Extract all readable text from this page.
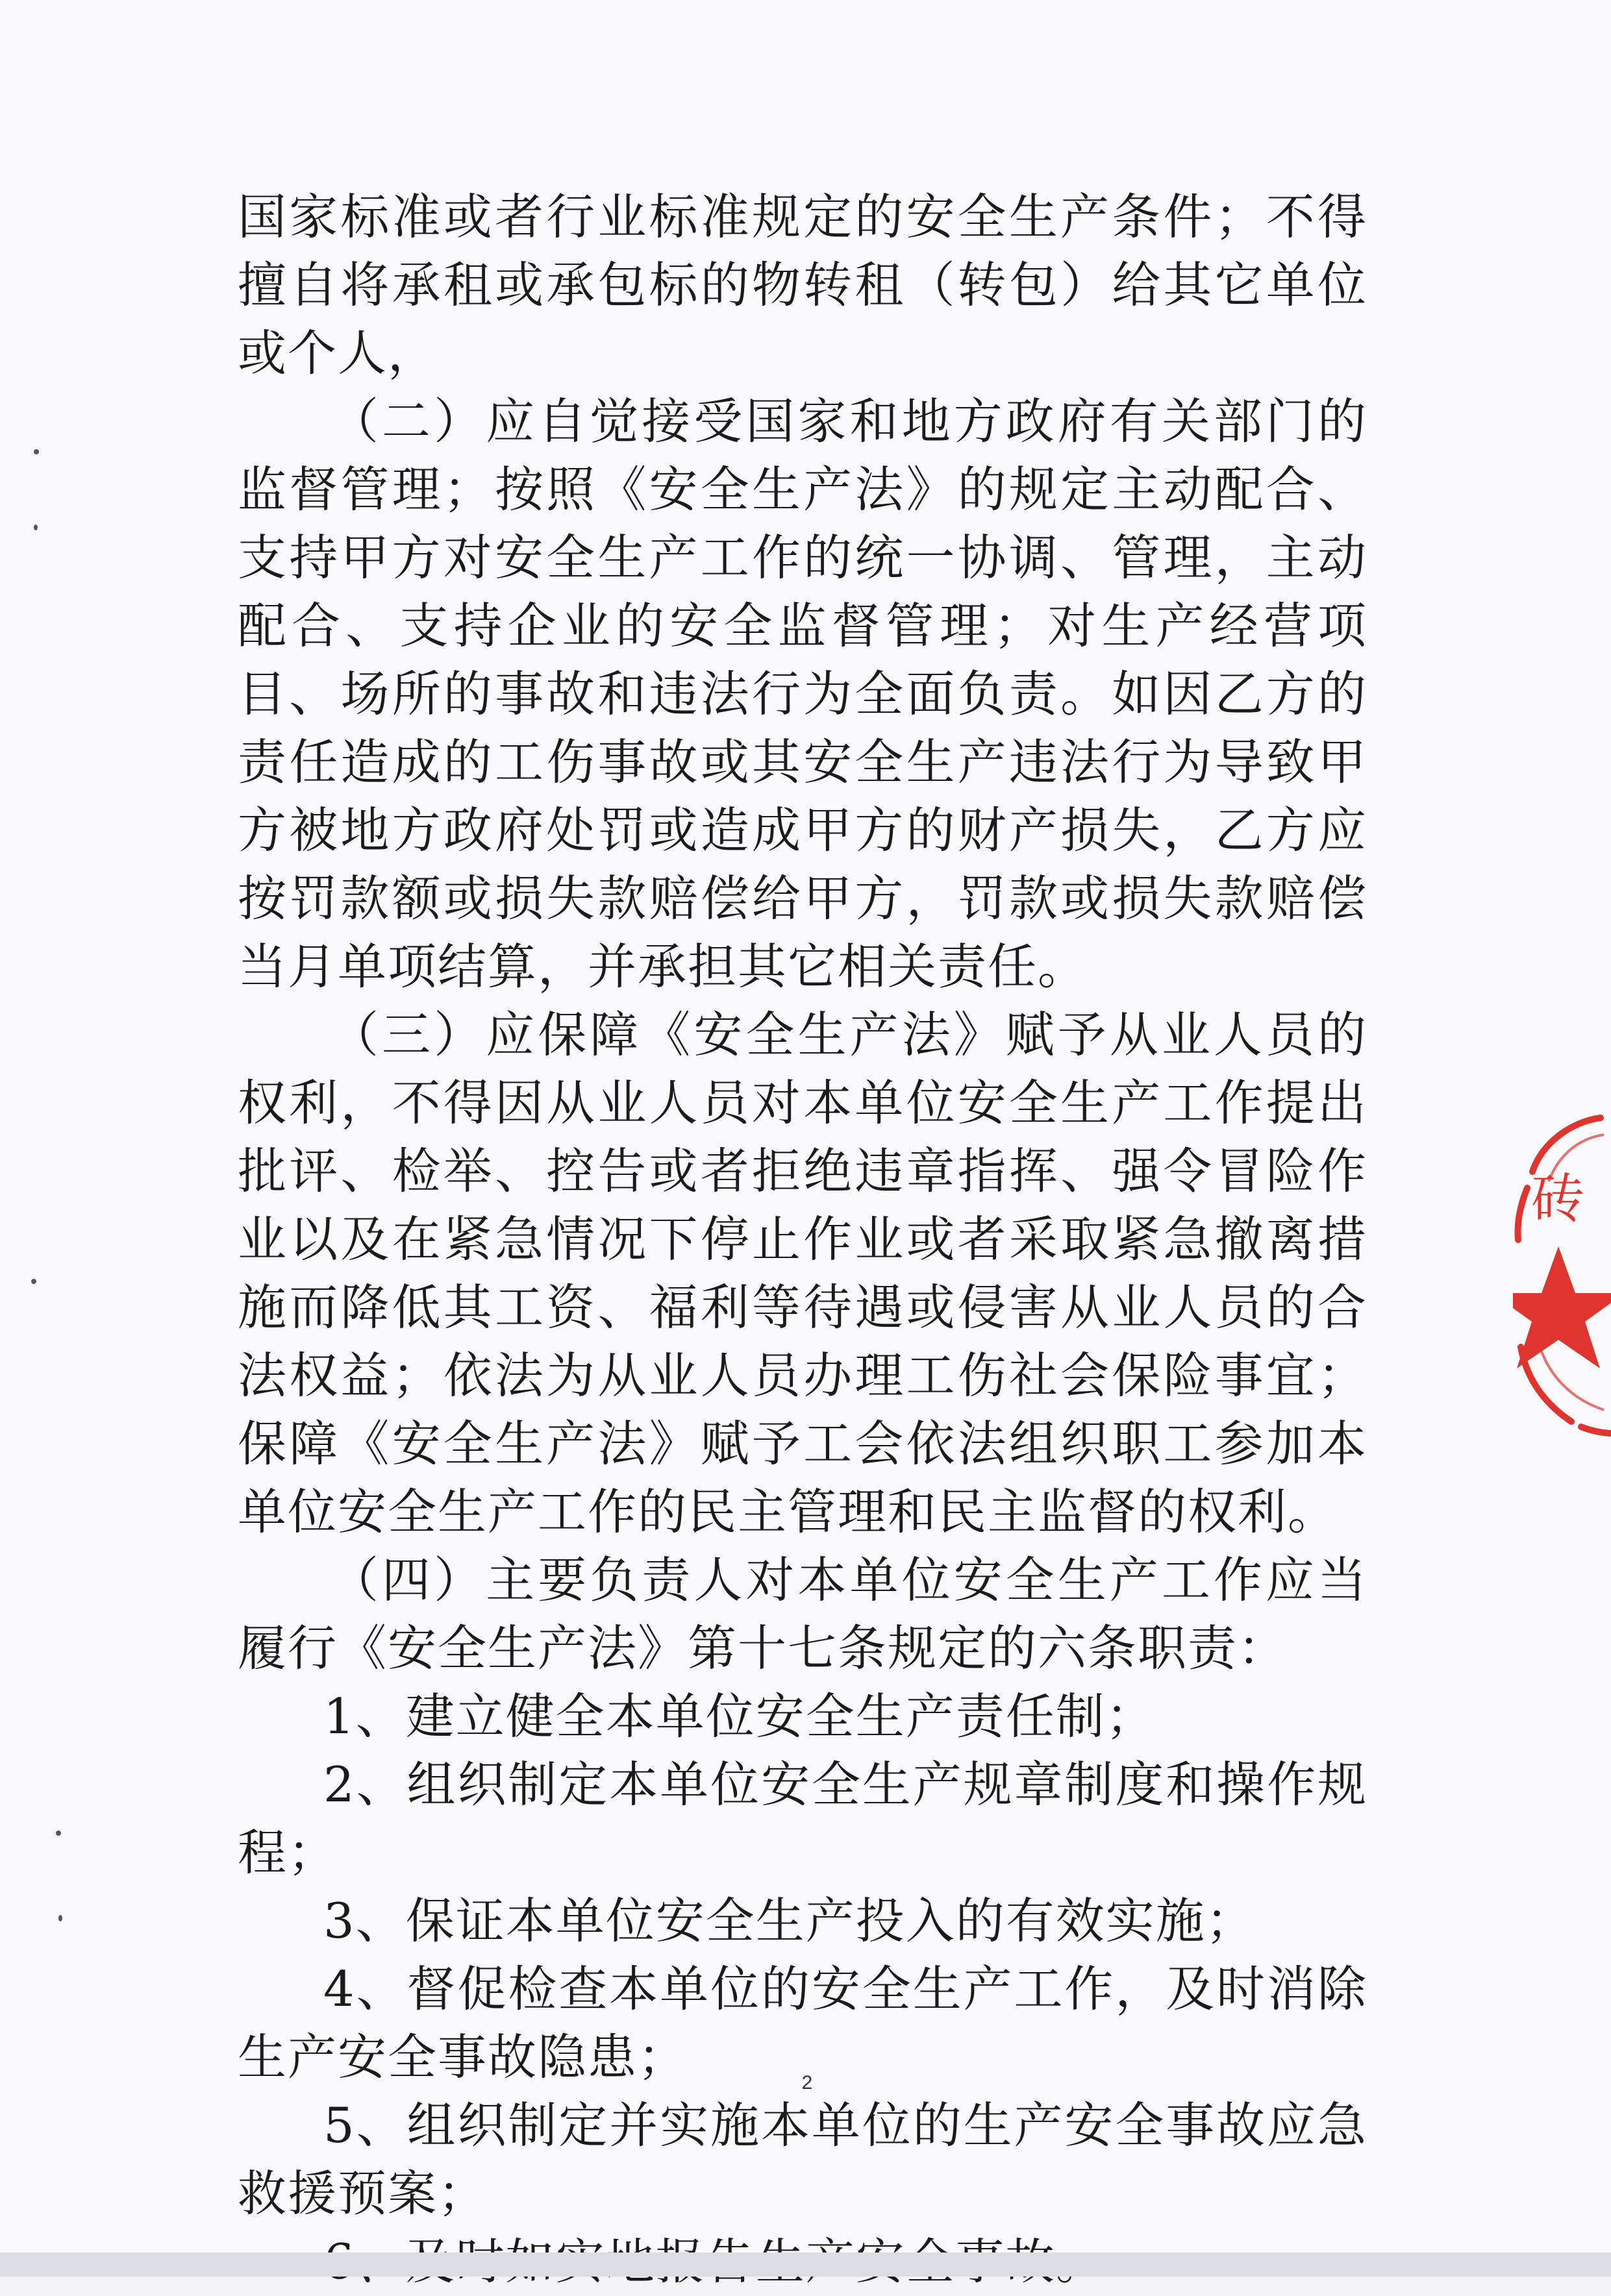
国家标准或者行业标准规定的安全生产条件；不得擅自将承租或承包标的物转租（转包）给其它单位或个人，

（二）应自觉接受国家和地方政府有关部门的监督管理；按照《安全生产法》的规定主动配合、支持甲方对安全生产工作的统一协调、管理，主动配合、支持企业的安全监督管理；对生产经营项目、场所的事故和违法行为全面负责。如因乙方的责任造成的工伤事故或其安全生产违法行为导致甲方被地方政府处罚或造成甲方的财产损失，乙方应按罚款额或损失款赔偿给甲方，罚款或损失款赔偿当月单项结算，并承担其它相关责任。

（三）应保障《安全生产法》赋予从业人员的权利，不得因从业人员对本单位安全生产工作提出批评、检举、控告或者拒绝违章指挥、强令冒险作业以及在紧急情况下停止作业或者采取紧急撤离措施而降低其工资、福利等待遇或侵害从业人员的合法权益；依法为从业人员办理工伤社会保险事宜；保障《安全生产法》赋予工会依法组织职工参加本单位安全生产工作的民主管理和民主监督的权利。

（四）主要负责人对本单位安全生产工作应当履行《安全生产法》第十七条规定的六条职责：

1、建立健全本单位安全生产责任制；

2、组织制定本单位安全生产规章制度和操作规程；

3、保证本单位安全生产投入的有效实施；

4、督促检查本单位的安全生产工作，及时消除生产安全事故隐患；

5、组织制定并实施本单位的生产安全事故应急救援预案；

2
砖
